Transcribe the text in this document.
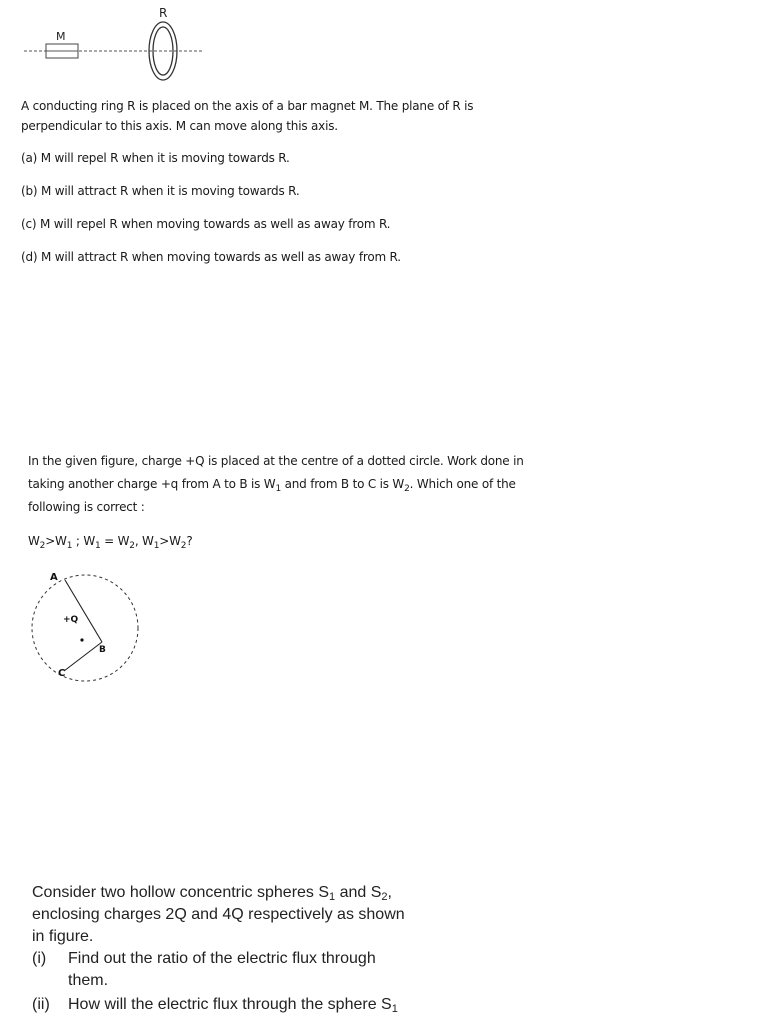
M
R
A conducting ring R is placed on the axis of a bar magnet M. The plane of R is
perpendicular to this axis. M can move along this axis.
(a) M will repel R when it is moving towards R.
(b) M will attract R when it is moving towards R.
(c) M will repel R when moving towards as well as away from R.
(d) M will attract R when moving towards as well as away from R.
In the given figure, charge +Q is placed at the centre of a dotted circle. Work done in
taking another charge +q from A to B is $W_1$ and from B to C is $W_2$. Which one of the
following is correct :
$W_2>W_1$ ; $W_1 = W_2$, $W_1>W_2$?
A
+Q
B
C
Consider two hollow concentric spheres $S_1$ and $S_2$,
enclosing charges 2Q and 4Q respectively as shown
in figure.
(i) Find out the ratio of the electric flux through
them.
(ii) How will the electric flux through the sphere $S_1$
